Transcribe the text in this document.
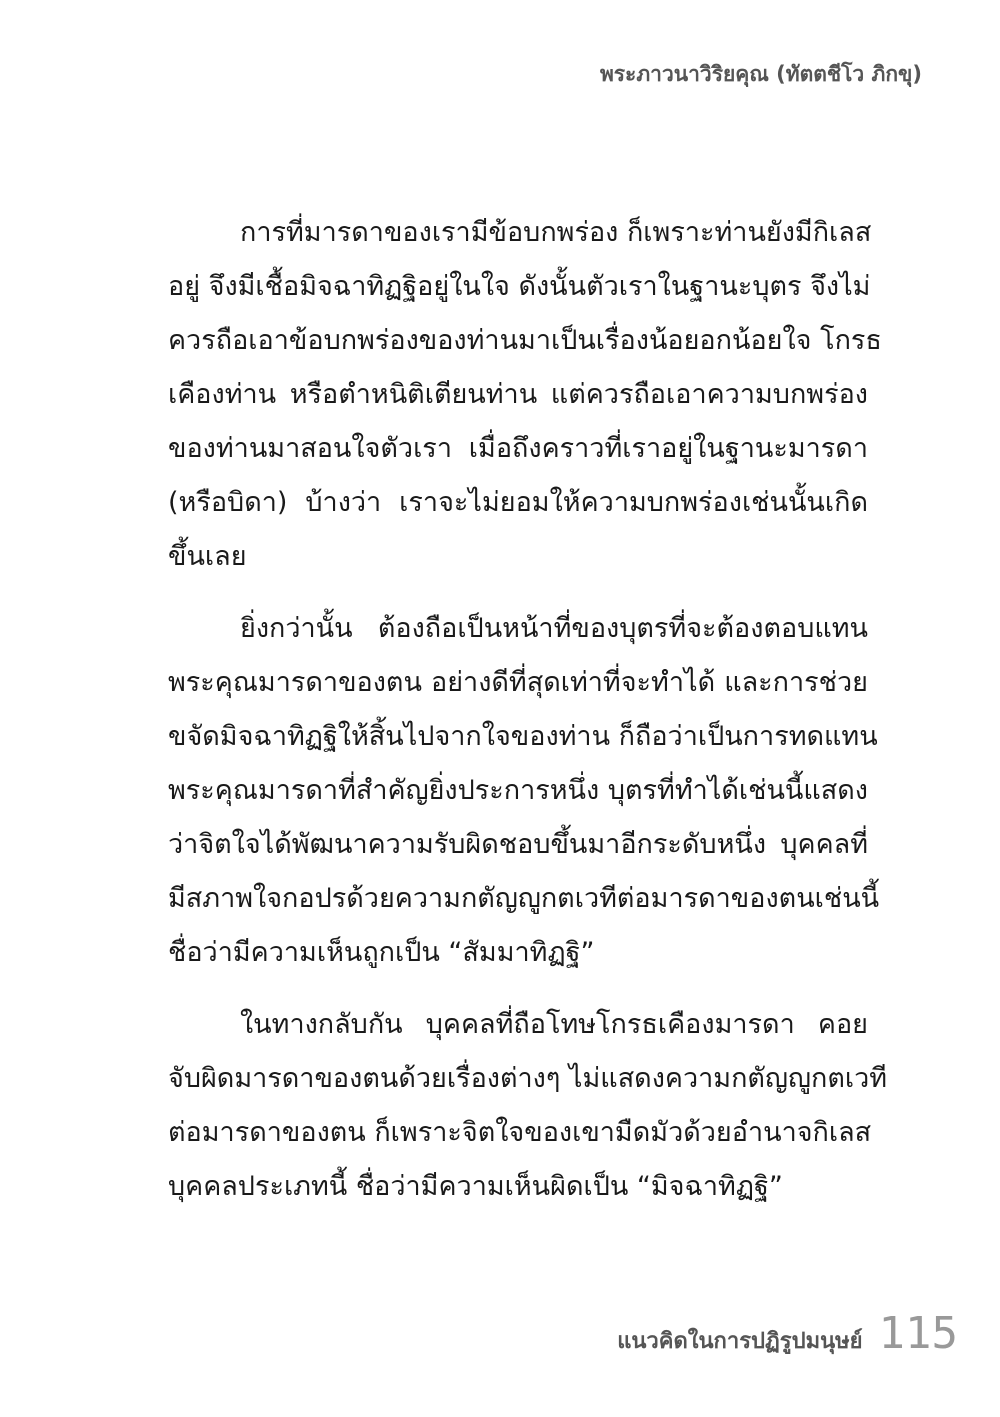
พระภาวนาวิริยคุณ (ทัตตชีโว ภิกขุ)
การที่มารดาของเรามีข้อบกพร่อง ก็เพราะท่านยังมีกิเลส
อยู่ จึงมีเชื้อมิจฉาทิฏฐิอยู่ในใจ ดังนั้นตัวเราในฐานะบุตร จึงไม่
ควรถือเอาข้อบกพร่องของท่านมาเป็นเรื่องน้อยอกน้อยใจ โกรธ
เคืองท่าน หรือตำหนิติเตียนท่าน แต่ควรถือเอาความบกพร่อง
ของท่านมาสอนใจตัวเรา เมื่อถึงคราวที่เราอยู่ในฐานะมารดา
(หรือบิดา) บ้างว่า เราจะไม่ยอมให้ความบกพร่องเช่นนั้นเกิด
ขึ้นเลย
ยิ่งกว่านั้น ต้องถือเป็นหน้าที่ของบุตรที่จะต้องตอบแทน
พระคุณมารดาของตน อย่างดีที่สุดเท่าที่จะทำได้ และการช่วย
ขจัดมิจฉาทิฏฐิให้สิ้นไปจากใจของท่าน ก็ถือว่าเป็นการทดแทน
พระคุณมารดาที่สำคัญยิ่งประการหนึ่ง บุตรที่ทำได้เช่นนี้แสดง
ว่าจิตใจได้พัฒนาความรับผิดชอบขึ้นมาอีกระดับหนึ่ง บุคคลที่
มีสภาพใจกอปรด้วยความกตัญญูกตเวทีต่อมารดาของตนเช่นนี้
ชื่อว่ามีความเห็นถูกเป็น “สัมมาทิฏฐิ”
ในทางกลับกัน บุคคลที่ถือโทษโกรธเคืองมารดา คอย
จับผิดมารดาของตนด้วยเรื่องต่างๆ ไม่แสดงความกตัญญูกตเวที
ต่อมารดาของตน ก็เพราะจิตใจของเขามืดมัวด้วยอำนาจกิเลส
บุคคลประเภทนี้ ชื่อว่ามีความเห็นผิดเป็น “มิจฉาทิฏฐิ”
แนวคิดในการปฏิรูปมนุษย์ 115
